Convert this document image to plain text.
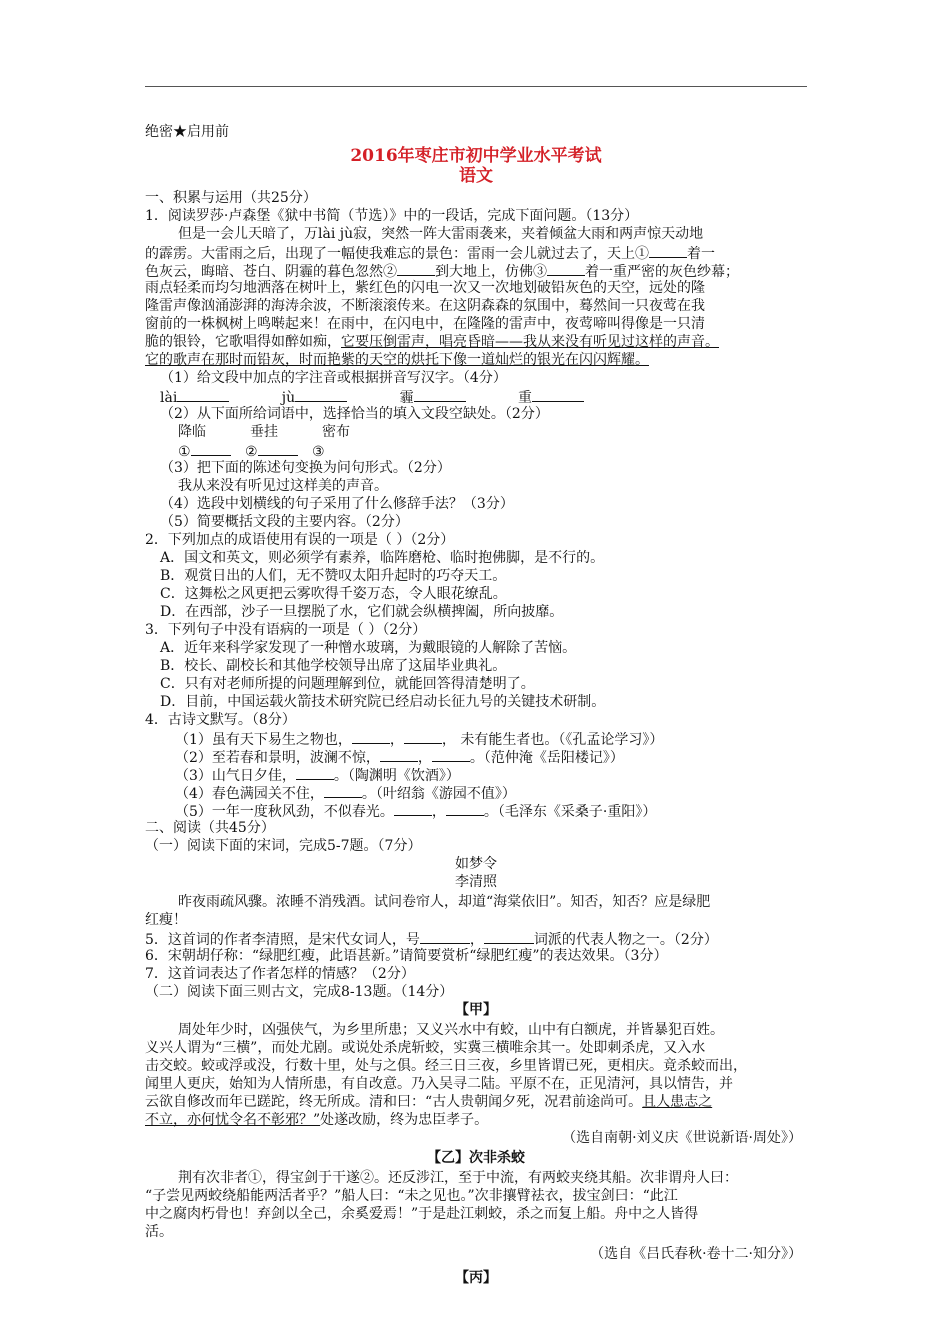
绝密★启用前
2016年枣庄市初中学业水平考试
语文
一、积累与运用（共25分）
1．阅读罗莎·卢森堡《狱中书简（节选）》中的一段话，完成下面问题。（13分）
但是一会儿天暗了，万lài jù寂，突然一阵大雷雨袭来，夹着倾盆大雨和两声惊天动地
的霹雳。大雷雨之后，出现了一幅使我难忘的景色：雷雨一会儿就过去了，天上①	着一
色灰云，晦暗、苍白、阴霾的暮色忽然②	到大地上，仿佛③	着一重严密的灰色纱幕；
雨点轻柔而均匀地洒落在树叶上，紫红色的闪电一次又一次地划破铅灰色的天空，远处的隆
隆雷声像汹涌澎湃的海涛余波，不断滚滚传来。在这阴森森的氛围中，蓦然间一只夜莺在我
窗前的一株枫树上鸣啭起来！在雨中，在闪电中，在隆隆的雷声中，夜莺啼叫得像是一只清
脆的银铃，它歌唱得如醉如痴，它要压倒雷声，唱亮昏暗——我从来没有听见过这样的声音。
它的歌声在那时而铅灰，时而艳紫的天空的烘托下像一道灿烂的银光在闪闪辉耀。
（1）给文段中加点的字注音或根据拼音写汉字。（4分）
lài	jù	霾	重
（2）从下面所给词语中，选择恰当的填入文段空缺处。（2分）
降临	垂挂	密布
①	②	③
（3）把下面的陈述句变换为问句形式。（2分）
我从来没有听见过这样美的声音。
（4）选段中划横线的句子采用了什么修辞手法？（3分）
（5）简要概括文段的主要内容。（2分）
2．下列加点的成语使用有误的一项是（ ）（2分）
A．国文和英文，则必须学有素养，临阵磨枪、临时抱佛脚，是不行的。
B．观赏日出的人们，无不赞叹太阳升起时的巧夺天工。
C．这舞松之风更把云雾吹得千姿万态，令人眼花缭乱。
D．在西部，沙子一旦摆脱了水，它们就会纵横捭阖，所向披靡。
3．下列句子中没有语病的一项是（ ）（2分）
A．近年来科学家发现了一种憎水玻璃，为戴眼镜的人解除了苦恼。
B．校长、副校长和其他学校领导出席了这届毕业典礼。
C．只有对老师所提的问题理解到位，就能回答得清楚明了。
D．目前，中国运载火箭技术研究院已经启动长征九号的关键技术研制。
4．古诗文默写。（8分）
（1）虽有天下易生之物也，	，	， 未有能生者也。（《孔孟论学习》）
（2）至若春和景明，波澜不惊，	，	。（范仲淹《岳阳楼记》）
（3）山气日夕佳，	。（陶渊明《饮酒》）
（4）春色满园关不住，	。（叶绍翁《游园不值》）
（5）一年一度秋风劲，不似春光。	，	。（毛泽东《采桑子·重阳》）
二、阅读（共45分）
（一）阅读下面的宋词，完成5-7题。（7分）
如梦令
李清照
昨夜雨疏风骤。浓睡不消残酒。试问卷帘人，却道“海棠依旧”。知否，知否？应是绿肥
红瘦！
5．这首词的作者李清照，是宋代女词人，号	，	词派的代表人物之一。（2分）
6．宋朝胡仔称：“绿肥红瘦，此语甚新。”请简要赏析“绿肥红瘦”的表达效果。（3分）
7．这首词表达了作者怎样的情感？（2分）
（二）阅读下面三则古文，完成8-13题。（14分）
【甲】
周处年少时，凶强侠气，为乡里所患；又义兴水中有蛟，山中有白额虎，并皆暴犯百姓。
义兴人谓为“三横”，而处尤剧。或说处杀虎斩蛟，实冀三横唯余其一。处即刺杀虎，又入水
击交蛟。蛟或浮或没，行数十里，处与之俱。经三日三夜，乡里皆谓已死，更相庆。竟杀蛟而出，
闻里人更庆，始知为人情所患，有自改意。乃入吴寻二陆。平原不在，正见清河，具以情告，并
云欲自修改而年已蹉跎，终无所成。清和曰：“古人贵朝闻夕死，况君前途尚可。且人患志之
不立，亦何忧令名不彰邪？”处遂改励，终为忠臣孝子。
（选自南朝·刘义庆《世说新语·周处》）
【乙】次非杀蛟
荆有次非者①，得宝剑于干遂②。还反涉江，至于中流，有两蛟夹绕其船。次非谓舟人曰：
“子尝见两蛟绕船能两活者乎？”船人曰：“未之见也。”次非攘臂祛衣，拔宝剑曰：“此江
中之腐肉朽骨也！弃剑以全己，余奚爱焉！”于是赴江刺蛟，杀之而复上船。舟中之人皆得
活。
（选自《吕氏春秋·卷十二·知分》）
【丙】
